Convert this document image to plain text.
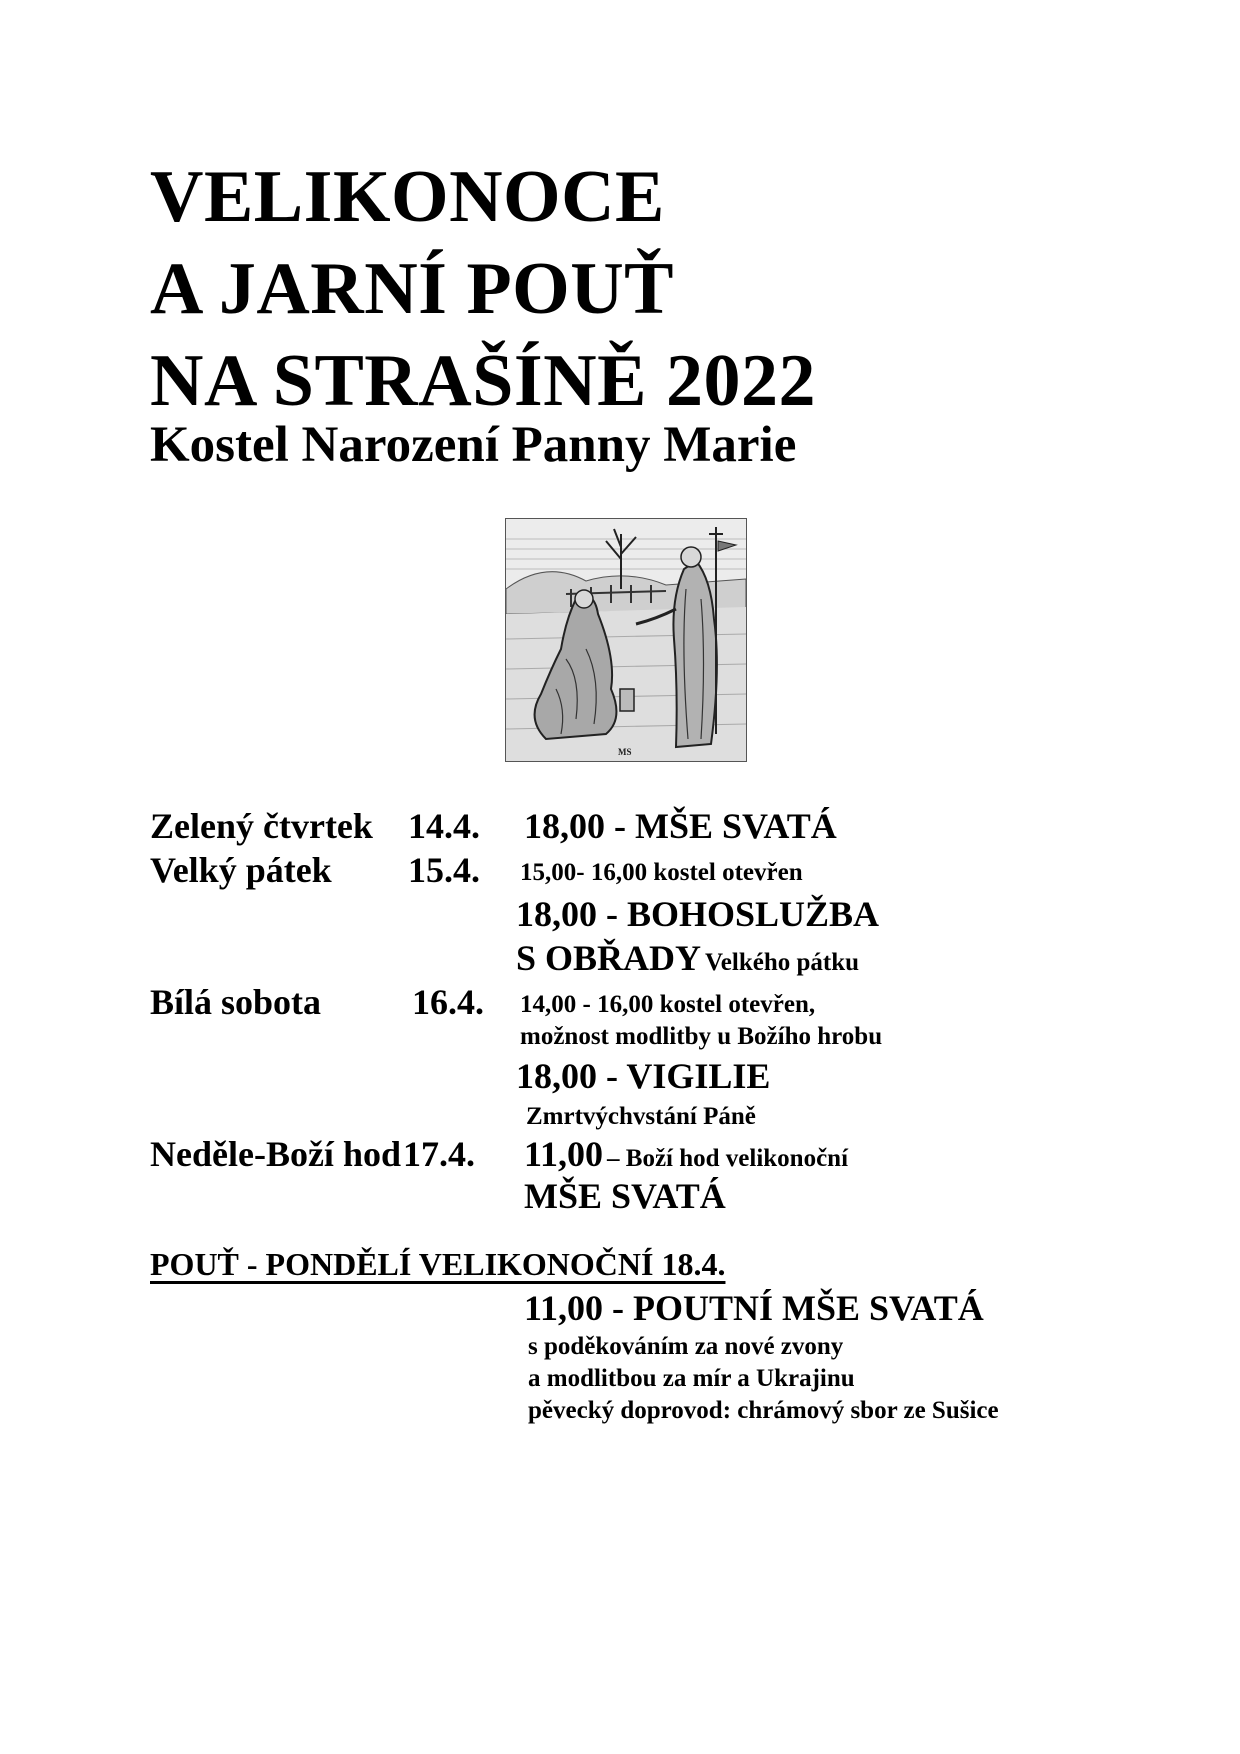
VELIKONOCE
A JARNÍ POUŤ
NA STRAŠÍNĚ 2022
Kostel Narození Panny Marie
MS
Zelený čtvrtek 14.4. 18,00 - MŠE SVATÁ
Velký pátek 15.4. 15,00- 16,00 kostel otevřen
18,00 - BOHOSLUŽBA
S OBŘADY Velkého pátku
Bílá sobota	16.4. 14,00 - 16,00 kostel otevřen,
možnost modlitby u Božího hrobu
18,00 - VIGILIE
Zmrtvýchvstání Páně
Neděle-Boží hod 17.4. 11,00 – Boží hod velikonoční
MŠE SVATÁ
POUŤ - PONDĚLÍ VELIKONOČNÍ 18.4.
11,00 - POUTNÍ MŠE SVATÁ
s poděkováním za nové zvony
a modlitbou za mír a Ukrajinu
pěvecký doprovod: chrámový sbor ze Sušice
